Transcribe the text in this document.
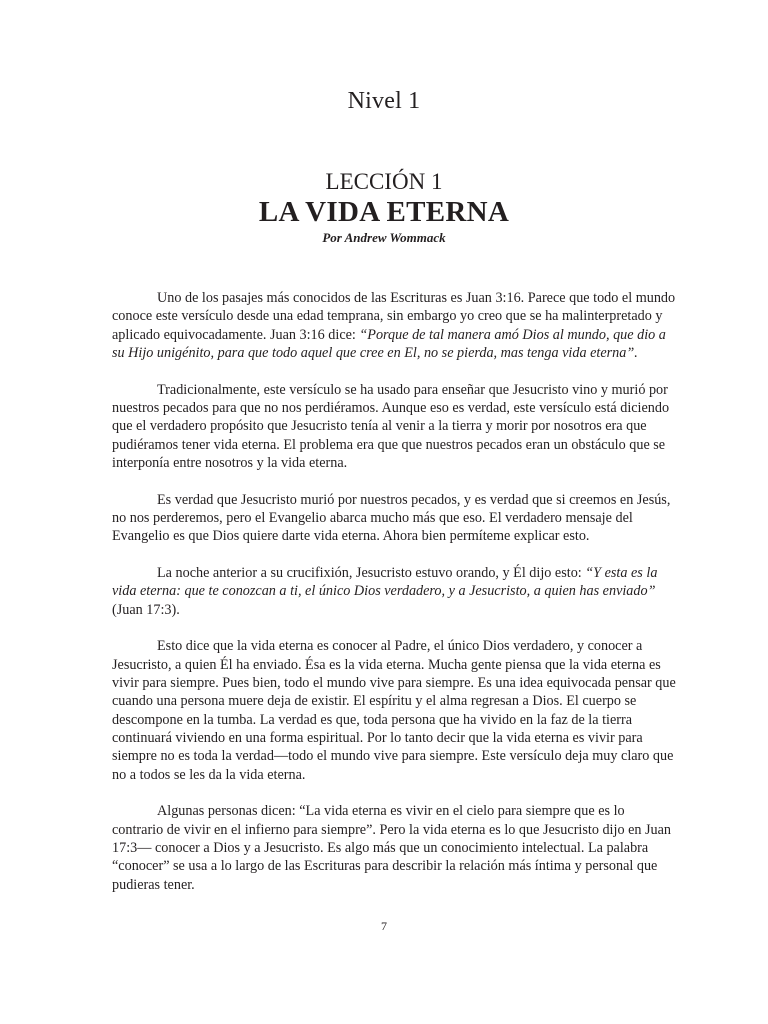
Nivel 1
LECCIÓN 1
LA VIDA ETERNA
Por Andrew Wommack

Uno de los pasajes más conocidos de las Escrituras es Juan 3:16. Parece que todo el mundo conoce este versículo desde una edad temprana, sin embargo yo creo que se ha malinterpretado y aplicado equivocadamente. Juan 3:16 dice: “Porque de tal manera amó Dios al mundo, que dio a su Hijo unigénito, para que todo aquel que cree en El, no se pierda, mas tenga vida eterna”.

Tradicionalmente, este versículo se ha usado para enseñar que Jesucristo vino y murió por nuestros pecados para que no nos perdiéramos. Aunque eso es verdad, este versículo está diciendo que el verdadero propósito que Jesucristo tenía al venir a la tierra y morir por nosotros era que pudiéramos tener vida eterna. El problema era que que nuestros pecados eran un obstáculo que se interponía entre nosotros y la vida eterna.

Es verdad que Jesucristo murió por nuestros pecados, y es verdad que si creemos en Jesús, no nos perderemos, pero el Evangelio abarca mucho más que eso. El verdadero mensaje del Evangelio es que Dios quiere darte vida eterna. Ahora bien permíteme explicar esto.

La noche anterior a su crucifixión, Jesucristo estuvo orando, y Él dijo esto: “Y esta es la vida eterna: que te conozcan a ti, el único Dios verdadero, y a Jesucristo, a quien has enviado” (Juan 17:3).

Esto dice que la vida eterna es conocer al Padre, el único Dios verdadero, y conocer a Jesucristo, a quien Él ha enviado. Ésa es la vida eterna. Mucha gente piensa que la vida eterna es vivir para siempre. Pues bien, todo el mundo vive para siempre. Es una idea equivocada pensar que cuando una persona muere deja de existir. El espíritu y el alma regresan a Dios. El cuerpo se descompone en la tumba. La verdad es que, toda persona que ha vivido en la faz de la tierra continuará viviendo en una forma espiritual. Por lo tanto decir que la vida eterna es vivir para siempre no es toda la verdad—todo el mundo vive para siempre. Este versículo deja muy claro que no a todos se les da la vida eterna.

Algunas personas dicen: “La vida eterna es vivir en el cielo para siempre que es lo contrario de vivir en el infierno para siempre”. Pero la vida eterna es lo que Jesucristo dijo en Juan 17:3— conocer a Dios y a Jesucristo. Es algo más que un conocimiento intelectual. La palabra “conocer” se usa a lo largo de las Escrituras para describir la relación más íntima y personal que pudieras tener.

7
